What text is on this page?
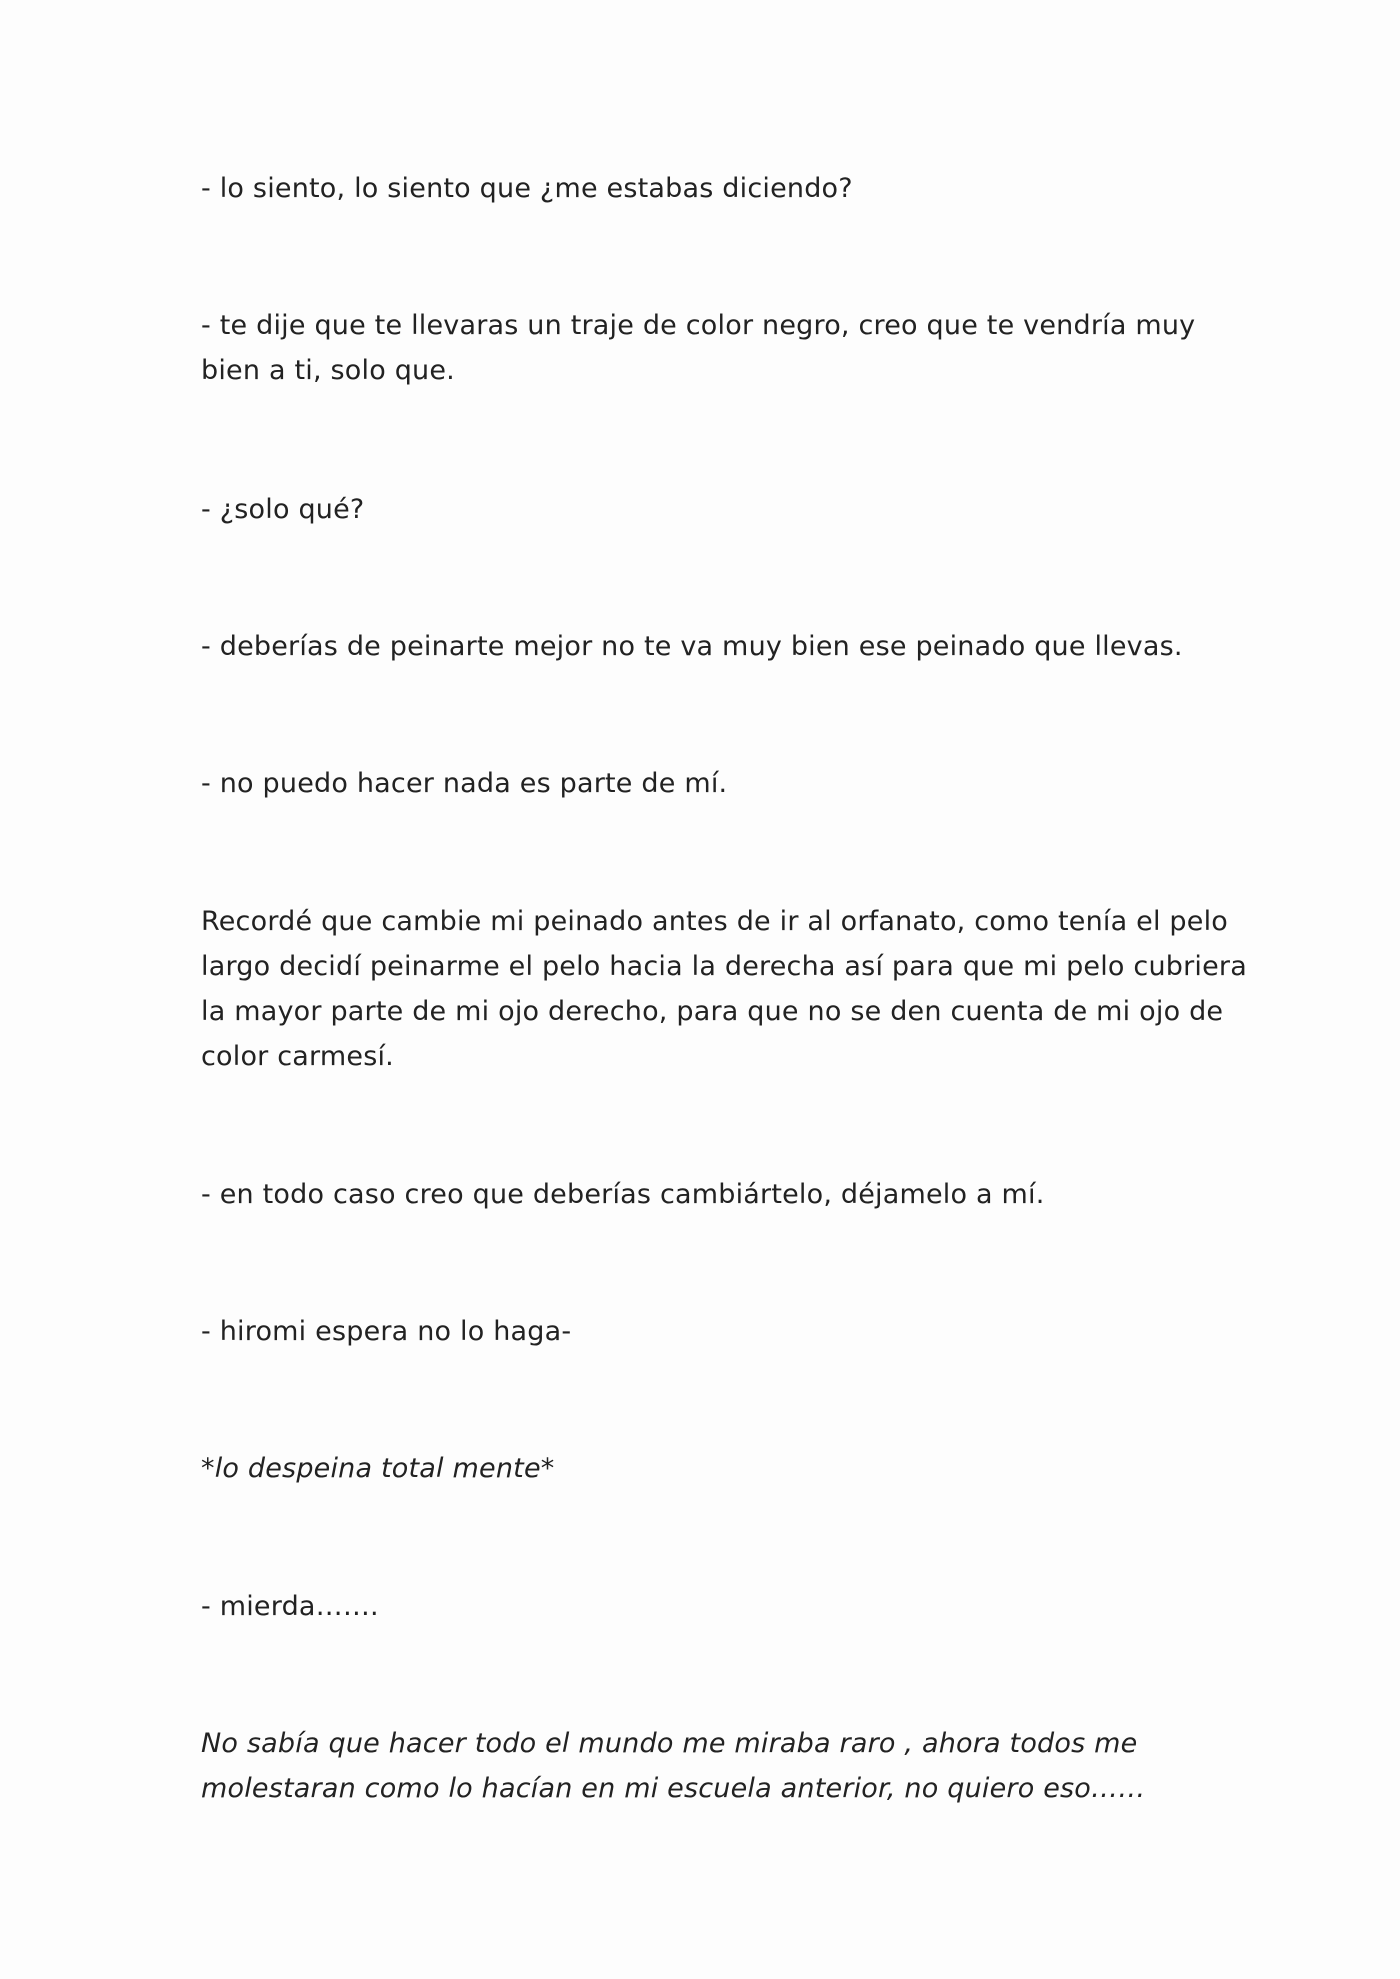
- lo siento, lo siento que ¿me estabas diciendo?

- te dije que te llevaras un traje de color negro, creo que te vendría muy
bien a ti, solo que.

- ¿solo qué?

- deberías de peinarte mejor no te va muy bien ese peinado que llevas.

- no puedo hacer nada es parte de mí.

Recordé que cambie mi peinado antes de ir al orfanato, como tenía el pelo
largo decidí peinarme el pelo hacia la derecha así para que mi pelo cubriera
la mayor parte de mi ojo derecho, para que no se den cuenta de mi ojo de
color carmesí.

- en todo caso creo que deberías cambiártelo, déjamelo a mí.

- hiromi espera no lo haga-

*lo despeina total mente*

- mierda…….

No sabía que hacer todo el mundo me miraba raro , ahora todos me
molestaran como lo hacían en mi escuela anterior, no quiero eso……
